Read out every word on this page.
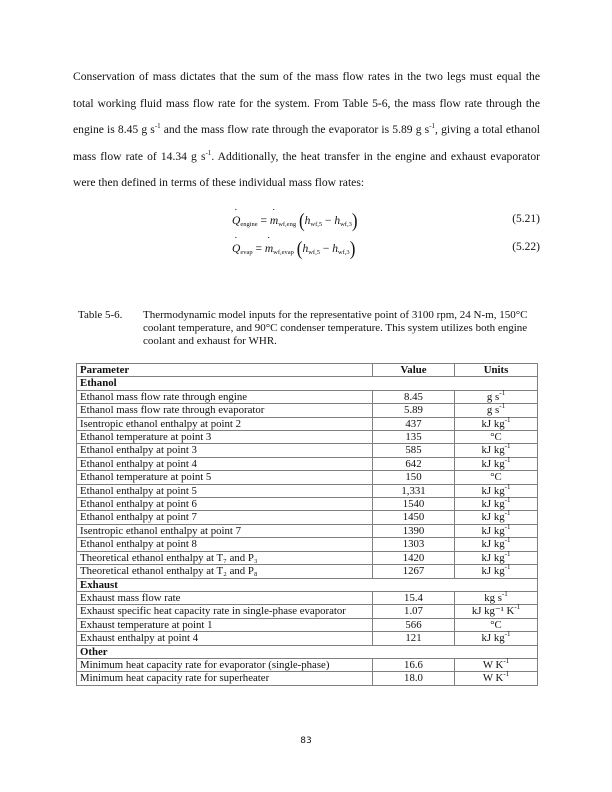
Conservation of mass dictates that the sum of the mass flow rates in the two legs must equal the
total working fluid mass flow rate for the system. From Table 5-6, the mass flow rate through the
engine is 8.45 g $s^{-1}$ and the mass flow rate through the evaporator is 5.89 g $s^{-1}$, giving a total ethanol
mass flow rate of 14.34 g $s^{-1}$. Additionally, the heat transfer in the engine and exhaust evaporator
were then defined in terms of these individual mass flow rates:
˙ $Q_{engine}$ = ˙ $m_{wf,eng}$ $(h_{wf,5} - h_{wf,3})$	(5.21)
˙ $Q_{evap}$ = ˙ $m_{wf,evap}$ $(h_{wf,5} - h_{wf,3})$	(5.22)
Table 5-6. Thermodynamic model inputs for the representative point of 3100 rpm, 24 N-m, 150°C coolant temperature, and 90°C condenser temperature. This system utilizes both engine coolant and exhaust for WHR.
Parameter	Value	Units
Ethanol		
Ethanol mass flow rate through engine	8.45	g $s^{-1}$
Ethanol mass flow rate through evaporator	5.89	g $s^{-1}$
Isentropic ethanol enthalpy at point 2	437	kJ $kg^{-1}$
Ethanol temperature at point 3	135	°C
Ethanol enthalpy at point 3	585	kJ $kg^{-1}$
Ethanol enthalpy at point 4	642	kJ $kg^{-1}$
Ethanol temperature at point 5	150	°C
Ethanol enthalpy at point 5	1,331	kJ $kg^{-1}$
Ethanol enthalpy at point 6	1540	kJ $kg^{-1}$
Ethanol enthalpy at point 7	1450	kJ $kg^{-1}$
Isentropic ethanol enthalpy at point 7	1390	kJ $kg^{-1}$
Ethanol enthalpy at point 8	1303	kJ $kg^{-1}$
Theoretical ethanol enthalpy at T₇ and P₃	1420	kJ $kg^{-1}$
Theoretical ethanol enthalpy at T₂ and P₈	1267	kJ $kg^{-1}$
Exhaust		
Exhaust mass flow rate	15.4	kg $s^{-1}$
Exhaust specific heat capacity rate in single-phase evaporator	1.07	kJ kg⁻¹ $K^{-1}$
Exhaust temperature at point 1	566	°C
Exhaust enthalpy at point 4	121	kJ $kg^{-1}$
Other		
Minimum heat capacity rate for evaporator (single-phase)	16.6	W $K^{-1}$
Minimum heat capacity rate for superheater	18.0	W $K^{-1}$
83
